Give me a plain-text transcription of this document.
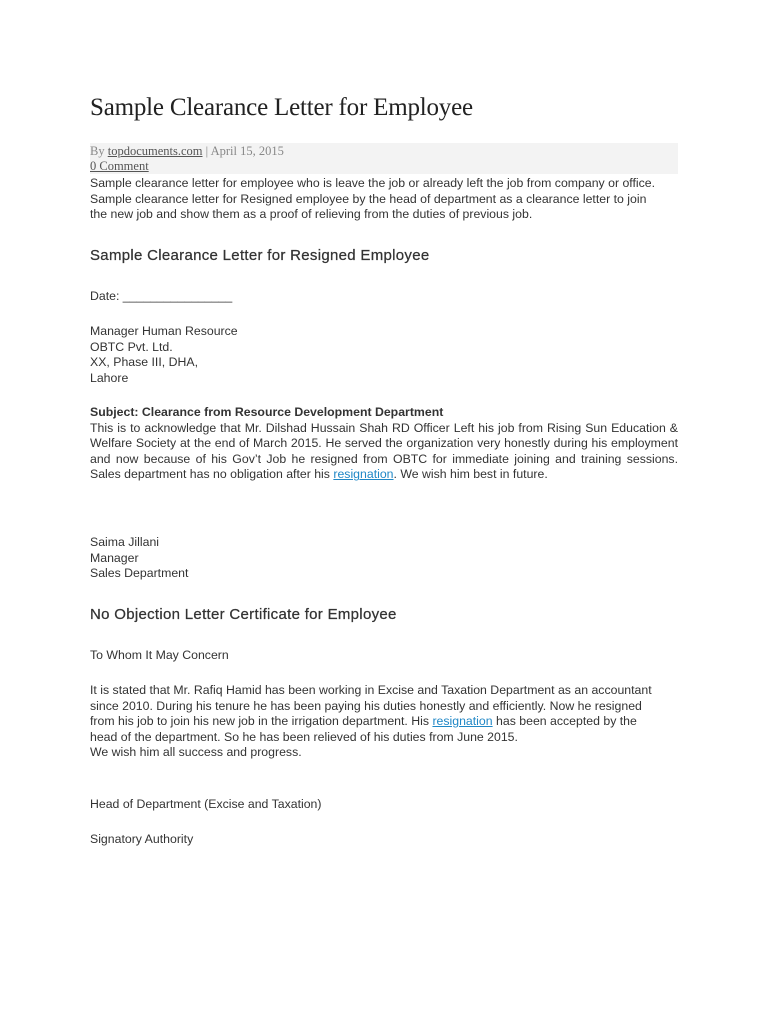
Sample Clearance Letter for Employee
By topdocuments.com | April 15, 2015
0 Comment

Sample clearance letter for employee who is leave the job or already left the job from company or office. Sample clearance letter for Resigned employee by the head of department as a clearance letter to join the new job and show them as a proof of relieving from the duties of previous job.

Sample Clearance Letter for Resigned Employee

Date: ________________

Manager Human Resource
OBTC Pvt. Ltd.
XX, Phase III, DHA,
Lahore

Subject: Clearance from Resource Development Department
This is to acknowledge that Mr. Dilshad Hussain Shah RD Officer Left his job from Rising Sun Education & Welfare Society at the end of March 2015. He served the organization very honestly during his employment and now because of his Gov’t Job he resigned from OBTC for immediate joining and training sessions. Sales department has no obligation after his resignation. We wish him best in future.

Saima Jillani
Manager
Sales Department

No Objection Letter Certificate for Employee

To Whom It May Concern

It is stated that Mr. Rafiq Hamid has been working in Excise and Taxation Department as an accountant since 2010. During his tenure he has been paying his duties honestly and efficiently. Now he resigned from his job to join his new job in the irrigation department. His resignation has been accepted by the head of the department. So he has been relieved of his duties from June 2015.
We wish him all success and progress.

Head of Department (Excise and Taxation)

Signatory Authority
